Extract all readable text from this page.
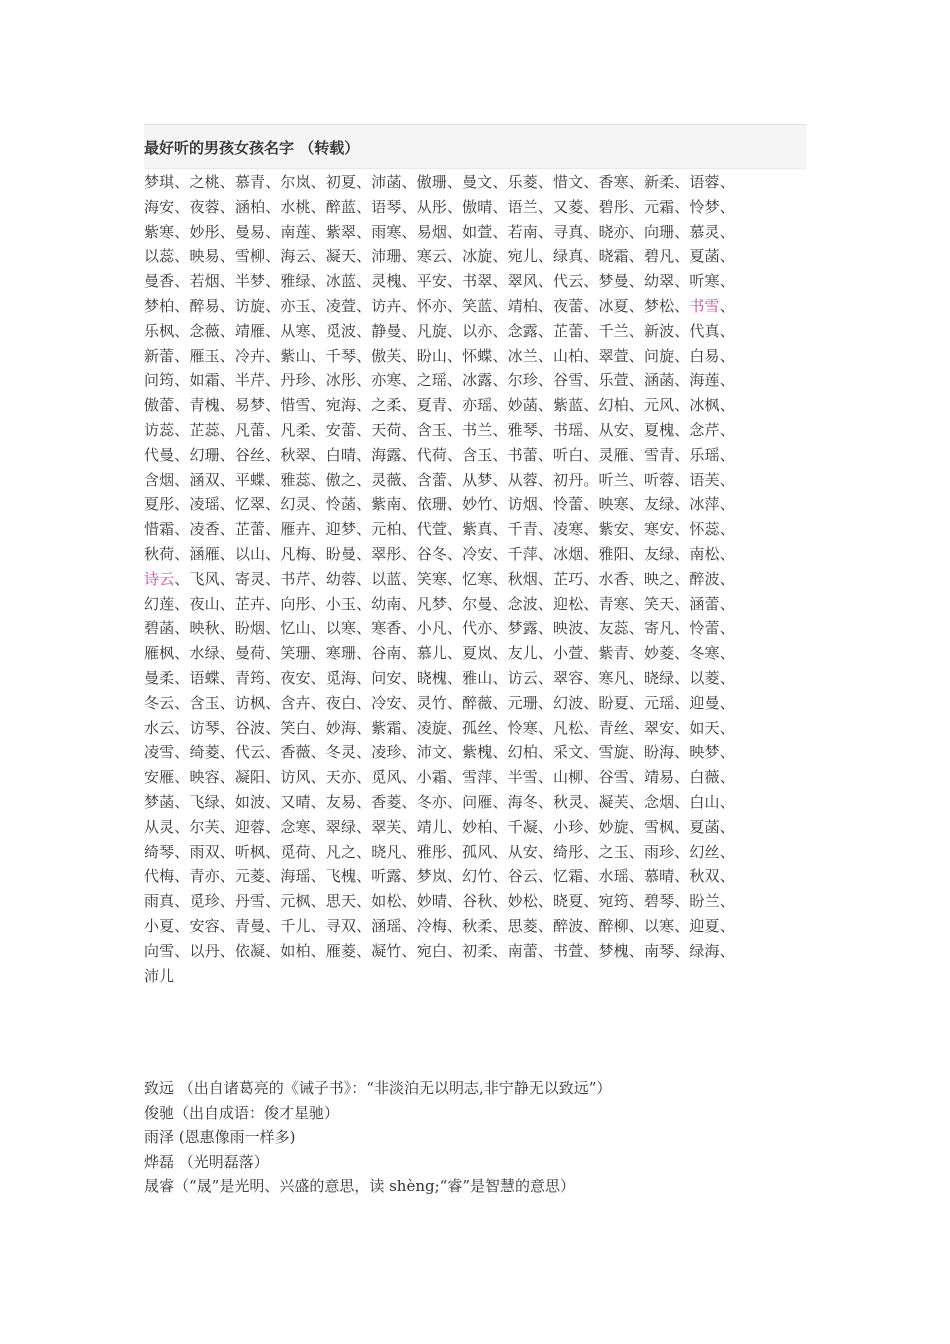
最好听的男孩女孩名字 （转载）
梦琪、之桃、慕青、尔岚、初夏、沛菡、傲珊、曼文、乐菱、惜文、香寒、新柔、语蓉、
海安、夜蓉、涵柏、水桃、醉蓝、语琴、从彤、傲晴、语兰、又菱、碧彤、元霜、怜梦、
紫寒、妙彤、曼易、南莲、紫翠、雨寒、易烟、如萱、若南、寻真、晓亦、向珊、慕灵、
以蕊、映易、雪柳、海云、凝天、沛珊、寒云、冰旋、宛儿、绿真、晓霜、碧凡、夏菡、
曼香、若烟、半梦、雅绿、冰蓝、灵槐、平安、书翠、翠风、代云、梦曼、幼翠、听寒、
梦柏、醉易、访旋、亦玉、凌萱、访卉、怀亦、笑蓝、靖柏、夜蕾、冰夏、梦松、书雪、
乐枫、念薇、靖雁、从寒、觅波、静曼、凡旋、以亦、念露、芷蕾、千兰、新波、代真、
新蕾、雁玉、冷卉、紫山、千琴、傲芙、盼山、怀蝶、冰兰、山柏、翠萱、问旋、白易、
问筠、如霜、半芹、丹珍、冰彤、亦寒、之瑶、冰露、尔珍、谷雪、乐萱、涵菡、海莲、
傲蕾、青槐、易梦、惜雪、宛海、之柔、夏青、亦瑶、妙菡、紫蓝、幻柏、元风、冰枫、
访蕊、芷蕊、凡蕾、凡柔、安蕾、天荷、含玉、书兰、雅琴、书瑶、从安、夏槐、念芹、
代曼、幻珊、谷丝、秋翠、白晴、海露、代荷、含玉、书蕾、听白、灵雁、雪青、乐瑶、
含烟、涵双、平蝶、雅蕊、傲之、灵薇、含蕾、从梦、从蓉、初丹。听兰、听蓉、语芙、
夏彤、凌瑶、忆翠、幻灵、怜菡、紫南、依珊、妙竹、访烟、怜蕾、映寒、友绿、冰萍、
惜霜、凌香、芷蕾、雁卉、迎梦、元柏、代萱、紫真、千青、凌寒、紫安、寒安、怀蕊、
秋荷、涵雁、以山、凡梅、盼曼、翠彤、谷冬、冷安、千萍、冰烟、雅阳、友绿、南松、
诗云、飞风、寄灵、书芹、幼蓉、以蓝、笑寒、忆寒、秋烟、芷巧、水香、映之、醉波、
幻莲、夜山、芷卉、向彤、小玉、幼南、凡梦、尔曼、念波、迎松、青寒、笑天、涵蕾、
碧菡、映秋、盼烟、忆山、以寒、寒香、小凡、代亦、梦露、映波、友蕊、寄凡、怜蕾、
雁枫、水绿、曼荷、笑珊、寒珊、谷南、慕儿、夏岚、友儿、小萱、紫青、妙菱、冬寒、
曼柔、语蝶、青筠、夜安、觅海、问安、晓槐、雅山、访云、翠容、寒凡、晓绿、以菱、
冬云、含玉、访枫、含卉、夜白、冷安、灵竹、醉薇、元珊、幻波、盼夏、元瑶、迎曼、
水云、访琴、谷波、笑白、妙海、紫霜、凌旋、孤丝、怜寒、凡松、青丝、翠安、如天、
凌雪、绮菱、代云、香薇、冬灵、凌珍、沛文、紫槐、幻柏、采文、雪旋、盼海、映梦、
安雁、映容、凝阳、访风、天亦、觅风、小霜、雪萍、半雪、山柳、谷雪、靖易、白薇、
梦菡、飞绿、如波、又晴、友易、香菱、冬亦、问雁、海冬、秋灵、凝芙、念烟、白山、
从灵、尔芙、迎蓉、念寒、翠绿、翠芙、靖儿、妙柏、千凝、小珍、妙旋、雪枫、夏菡、
绮琴、雨双、听枫、觅荷、凡之、晓凡、雅彤、孤风、从安、绮彤、之玉、雨珍、幻丝、
代梅、青亦、元菱、海瑶、飞槐、听露、梦岚、幻竹、谷云、忆霜、水瑶、慕晴、秋双、
雨真、觅珍、丹雪、元枫、思天、如松、妙晴、谷秋、妙松、晓夏、宛筠、碧琴、盼兰、
小夏、安容、青曼、千儿、寻双、涵瑶、冷梅、秋柔、思菱、醉波、醉柳、以寒、迎夏、
向雪、以丹、依凝、如柏、雁菱、凝竹、宛白、初柔、南蕾、书萱、梦槐、南琴、绿海、
沛儿
致远 （出自诸葛亮的《诫子书》：“非淡泊无以明志,非宁静无以致远”）
俊驰（出自成语：俊才星驰）
雨泽 (恩惠像雨一样多)
烨磊 （光明磊落）
晟睿（“晟”是光明、兴盛的意思，读 shèng;“睿”是智慧的意思）
